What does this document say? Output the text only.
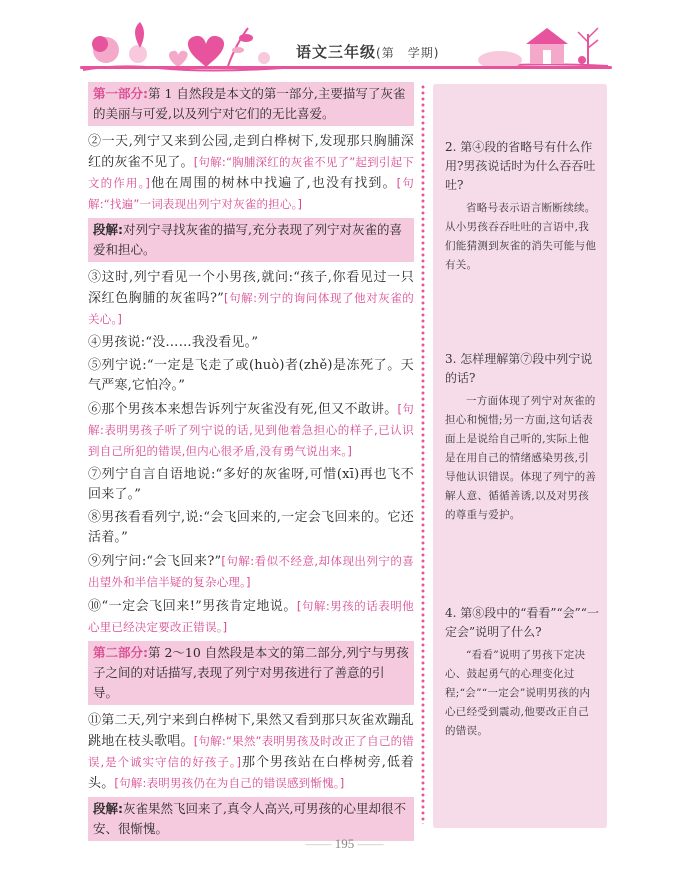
语文三年级(第　学期)
第一部分:第 1 自然段是本文的第一部分,主要描写了灰雀的美丽与可爱,以及列宁对它们的无比喜爱。

②一天,列宁又来到公园,走到白桦树下,发现那只胸脯深红的灰雀不见了。[句解:“胸脯深红的灰雀不见了”起到引起下文的作用。]他在周围的树林中找遍了,也没有找到。[句解:“找遍”一词表现出列宁对灰雀的担心。]

段解:对列宁寻找灰雀的描写,充分表现了列宁对灰雀的喜爱和担心。

③这时,列宁看见一个小男孩,就问:“孩子,你看见过一只深红色胸脯的灰雀吗?”[句解:列宁的询问体现了他对灰雀的关心。]

④男孩说:“没……我没看见。”

⑤列宁说:“一定是飞走了或(huò)者(zhě)是冻死了。天气严寒,它怕冷。”

⑥那个男孩本来想告诉列宁灰雀没有死,但又不敢讲。[句解:表明男孩子听了列宁说的话,见到他着急担心的样子,已认识到自己所犯的错误,但内心很矛盾,没有勇气说出来。]

⑦列宁自言自语地说:“多好的灰雀呀,可惜(xī)再也飞不回来了。”

⑧男孩看看列宁,说:“会飞回来的,一定会飞回来的。它还活着。”

⑨列宁问:“会飞回来?”[句解:看似不经意,却体现出列宁的喜出望外和半信半疑的复杂心理。]

⑩“一定会飞回来!”男孩肯定地说。[句解:男孩的话表明他心里已经决定要改正错误。]

第二部分:第 2～10 自然段是本文的第二部分,列宁与男孩子之间的对话描写,表现了列宁对男孩进行了善意的引导。

⑪第二天,列宁来到白桦树下,果然又看到那只灰雀欢蹦乱跳地在枝头歌唱。[句解:“果然”表明男孩及时改正了自己的错误,是个诚实守信的好孩子。]那个男孩站在白桦树旁,低着头。[句解:表明男孩仍在为自己的错误感到惭愧。]

段解:灰雀果然飞回来了,真令人高兴,可男孩的心里却很不安、很惭愧。
2. 第④段的省略号有什么作用?男孩说话时为什么吞吞吐吐?
省略号表示语言断断续续。从小男孩吞吞吐吐的言语中,我们能猜测到灰雀的消失可能与他有关。
3. 怎样理解第⑦段中列宁说的话?
一方面体现了列宁对灰雀的担心和惋惜;另一方面,这句话表面上是说给自己听的,实际上他是在用自己的情绪感染男孩,引导他认识错误。体现了列宁的善解人意、循循善诱,以及对男孩的尊重与爱护。
4. 第⑧段中的“看看”“会”“一定会”说明了什么?
“看看”说明了男孩下定决心、鼓起勇气的心理变化过程;“会”“一定会”说明男孩的内心已经受到震动,他要改正自己的错误。
—— 195 ——
